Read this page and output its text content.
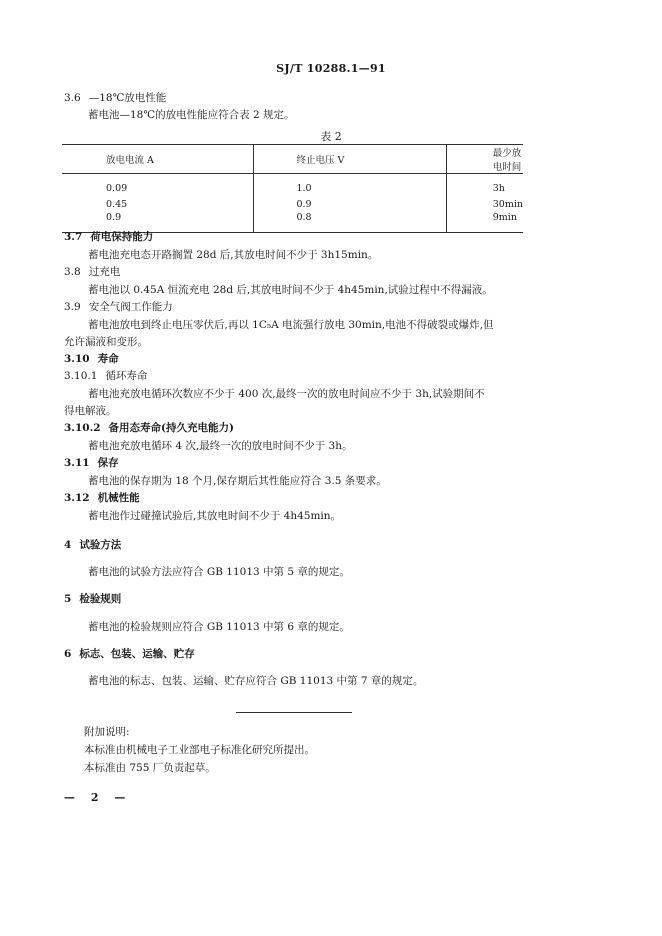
SJ/T 10288.1—91
3.6 —18℃放电性能
蓄电池—18℃的放电性能应符合表 2 规定。
表 2
放电电流 A	终止电压 V	最少放电时间
0.09	1.0	3h
0.45	0.9	30min
0.9	0.8	9min
3.7 荷电保持能力
蓄电池充电态开路搁置 28d 后,其放电时间不少于 3h15min。
3.8 过充电
蓄电池以 0.45A 恒流充电 28d 后,其放电时间不少于 4h45min,试验过程中不得漏液。
3.9 安全气阀工作能力
蓄电池放电到终止电压零伏后,再以 1C₅A 电流强行放电 30min,电池不得破裂或爆炸,但
允许漏液和变形。
3.10 寿命
3.10.1 循环寿命
蓄电池充放电循环次数应不少于 400 次,最终一次的放电时间应不少于 3h,试验期间不
得电解液。
3.10.2 备用态寿命(持久充电能力)
蓄电池充放电循环 4 次,最终一次的放电时间不少于 3h。
3.11 保存
蓄电池的保存期为 18 个月,保存期后其性能应符合 3.5 条要求。
3.12 机械性能
蓄电池作过碰撞试验后,其放电时间不少于 4h45min。
4 试验方法
蓄电池的试验方法应符合 GB 11013 中第 5 章的规定。
5 检验规则
蓄电池的检验规则应符合 GB 11013 中第 6 章的规定。
6 标志、包装、运输、贮存
蓄电池的标志、包装、运输、贮存应符合 GB 11013 中第 7 章的规定。
附加说明:
本标准由机械电子工业部电子标准化研究所提出。
本标准由 755 厂负责起草。
— 2 —
